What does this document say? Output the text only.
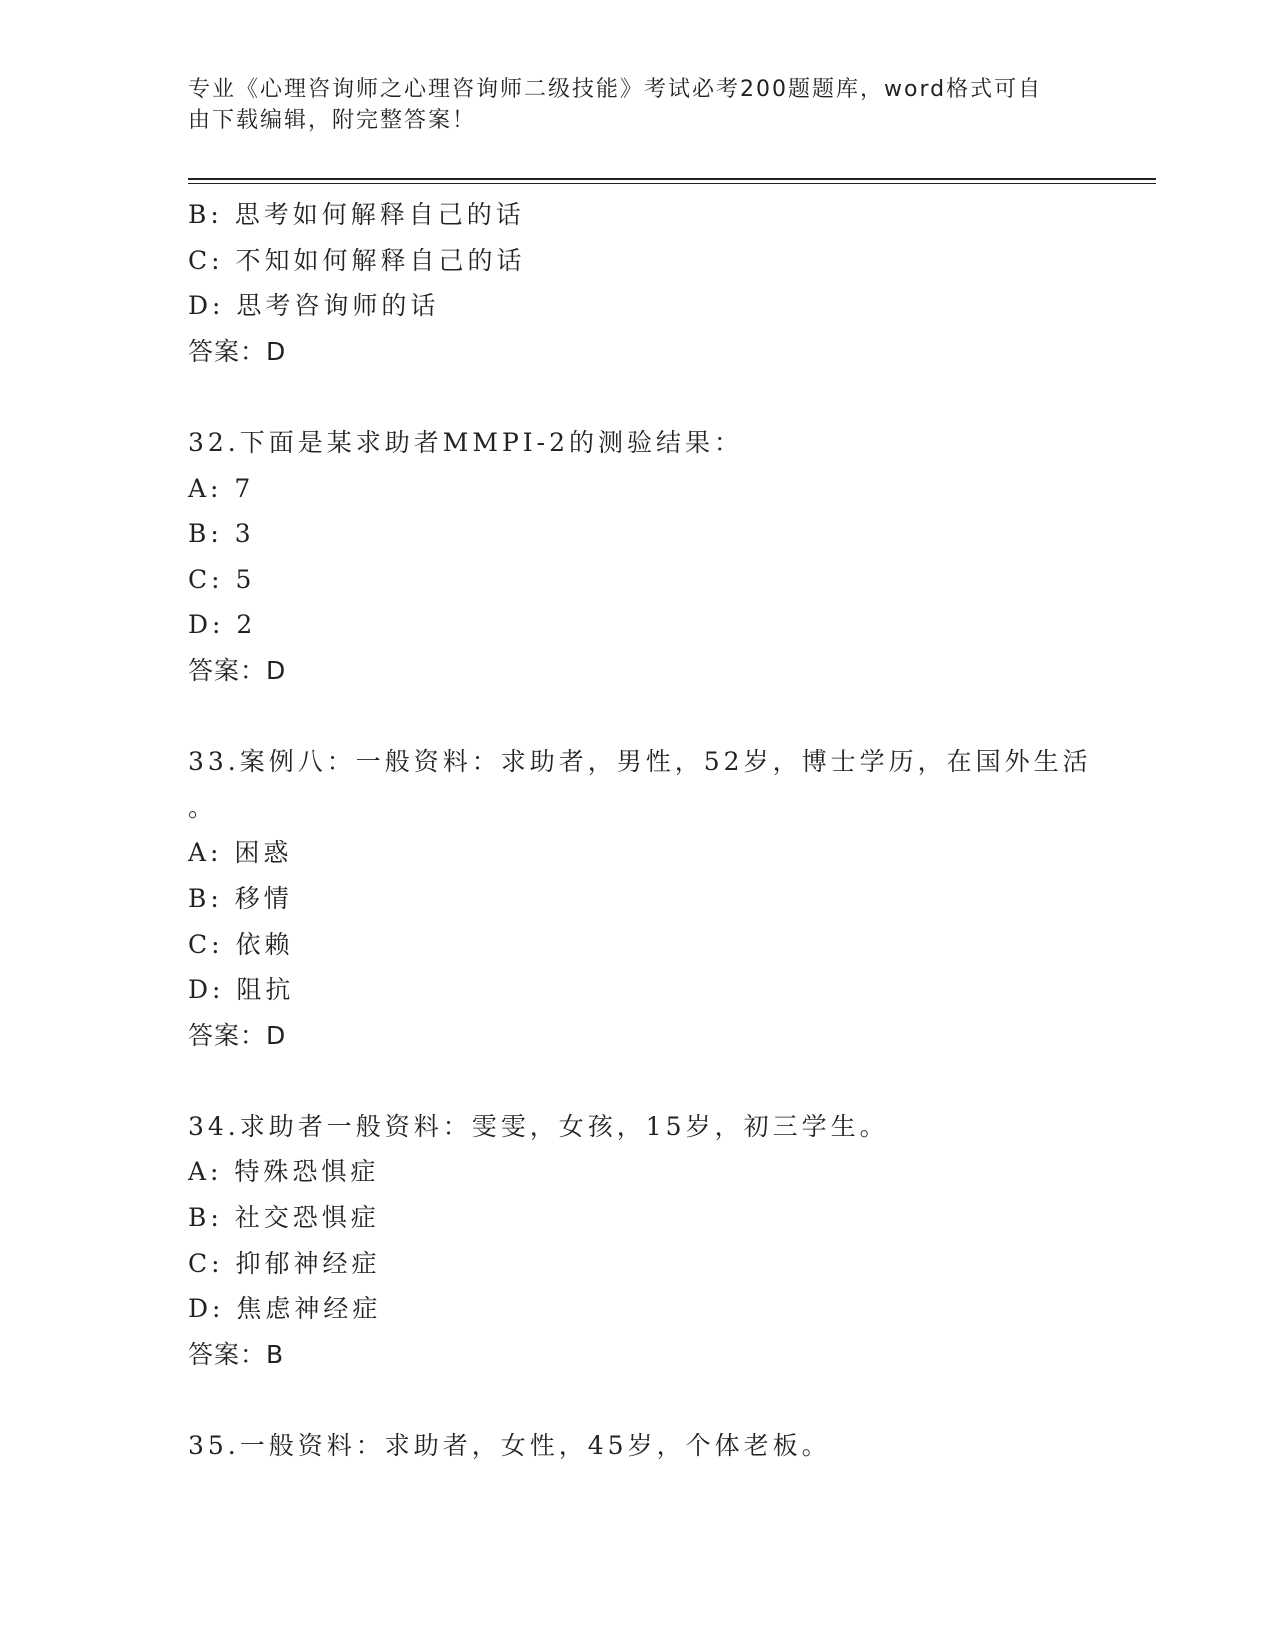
专业《心理咨询师之心理咨询师二级技能》考试必考200题题库，word格式可自
由下载编辑，附完整答案！
B: 思考如何解释自己的话
C: 不知如何解释自己的话
D: 思考咨询师的话
答案：D
32.下面是某求助者MMPI-2的测验结果：
A: 7
B: 3
C: 5
D: 2
答案：D
33.案例八：一般资料：求助者，男性，52岁，博士学历，在国外生活
。
A: 困惑
B: 移情
C: 依赖
D: 阻抗
答案：D
34.求助者一般资料：雯雯，女孩，15岁，初三学生。
A: 特殊恐惧症
B: 社交恐惧症
C: 抑郁神经症
D: 焦虑神经症
答案：B
35.一般资料：求助者，女性，45岁，个体老板。
